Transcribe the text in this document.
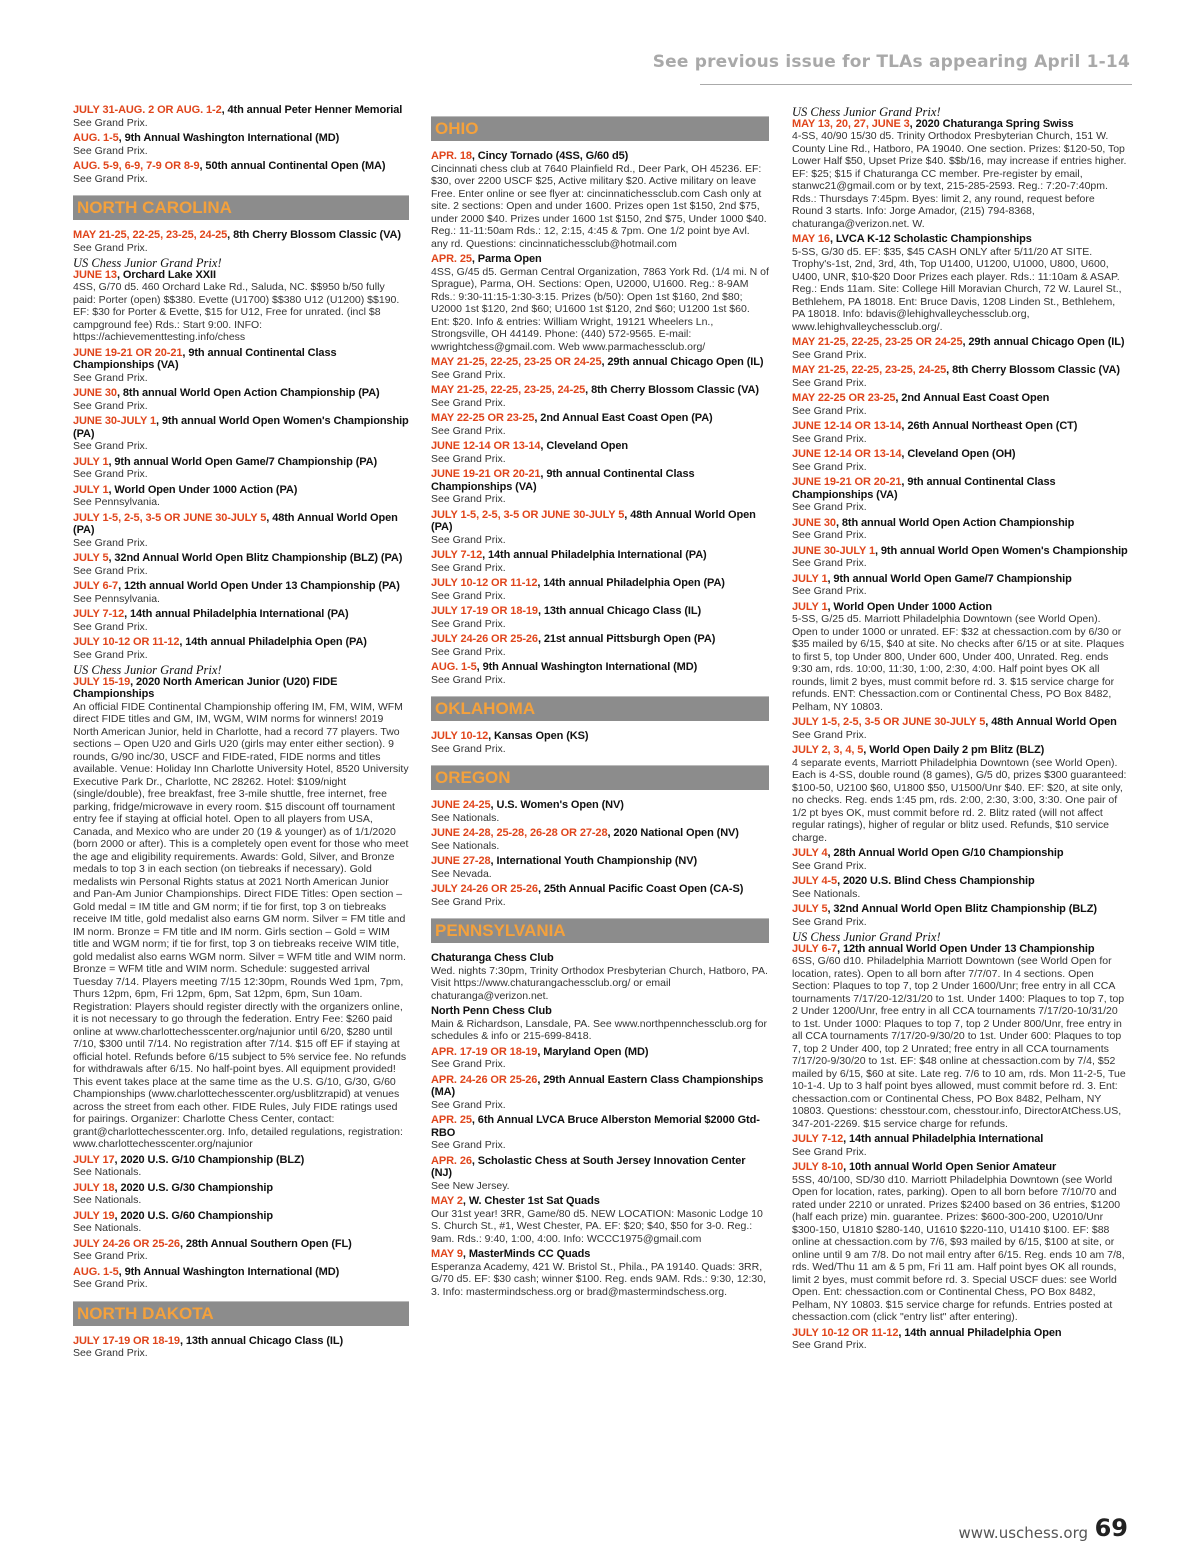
See previous issue for TLAs appearing April 1-14
JULY 31-AUG. 2 OR AUG. 1-2, 4th annual Peter Henner Memorial
See Grand Prix.
AUG. 1-5, 9th Annual Washington International (MD)
See Grand Prix.
AUG. 5-9, 6-9, 7-9 OR 8-9, 50th annual Continental Open (MA)
See Grand Prix.
NORTH CAROLINA
MAY 21-25, 22-25, 23-25, 24-25, 8th Cherry Blossom Classic (VA)
See Grand Prix.
US Chess Junior Grand Prix!
JUNE 13, Orchard Lake XXII
4SS, G/70 d5. 460 Orchard Lake Rd., Saluda, NC. $$950 b/50 fully paid: Porter (open) $$380. Evette (U1700) $$380 U12 (U1200) $$190. EF: $30 for Porter & Evette, $15 for U12, Free for unrated. (incl $8 campground fee) Rds.: Start 9:00. INFO: https://achievementtesting.info/chess
JUNE 19-21 OR 20-21, 9th annual Continental Class Championships (VA)
See Grand Prix.
JUNE 30, 8th annual World Open Action Championship (PA)
See Grand Prix.
JUNE 30-JULY 1, 9th annual World Open Women's Championship (PA)
See Grand Prix.
JULY 1, 9th annual World Open Game/7 Championship (PA)
See Grand Prix.
JULY 1, World Open Under 1000 Action (PA)
See Pennsylvania.
JULY 1-5, 2-5, 3-5 OR JUNE 30-JULY 5, 48th Annual World Open (PA)
See Grand Prix.
JULY 5, 32nd Annual World Open Blitz Championship (BLZ) (PA)
See Grand Prix.
JULY 6-7, 12th annual World Open Under 13 Championship (PA)
See Pennsylvania.
JULY 7-12, 14th annual Philadelphia International (PA)
See Grand Prix.
JULY 10-12 OR 11-12, 14th annual Philadelphia Open (PA)
See Grand Prix.
US Chess Junior Grand Prix!
JULY 15-19, 2020 North American Junior (U20) FIDE Championships
An official FIDE Continental Championship offering IM, FM, WIM, WFM direct FIDE titles and GM, IM, WGM, WIM norms for winners! 2019 North American Junior, held in Charlotte, had a record 77 players. Two sections – Open U20 and Girls U20 (girls may enter either section). 9 rounds, G/90 inc/30, USCF and FIDE-rated, FIDE norms and titles available. Venue: Holiday Inn Charlotte University Hotel, 8520 University Executive Park Dr., Charlotte, NC 28262. Hotel: $109/night (single/double), free breakfast, free 3-mile shuttle, free internet, free parking, fridge/microwave in every room. $15 discount off tournament entry fee if staying at official hotel. Open to all players from USA, Canada, and Mexico who are under 20 (19 & younger) as of 1/1/2020 (born 2000 or after). This is a completely open event for those who meet the age and eligibility requirements. Awards: Gold, Silver, and Bronze medals to top 3 in each section (on tiebreaks if necessary). Gold medalists win Personal Rights status at 2021 North American Junior and Pan-Am Junior Championships. Direct FIDE Titles: Open section – Gold medal = IM title and GM norm; if tie for first, top 3 on tiebreaks receive IM title, gold medalist also earns GM norm. Silver = FM title and IM norm. Bronze = FM title and IM norm. Girls section – Gold = WIM title and WGM norm; if tie for first, top 3 on tiebreaks receive WIM title, gold medalist also earns WGM norm. Silver = WFM title and WIM norm. Bronze = WFM title and WIM norm. Schedule: suggested arrival Tuesday 7/14. Players meeting 7/15 12:30pm, Rounds Wed 1pm, 7pm, Thurs 12pm, 6pm, Fri 12pm, 6pm, Sat 12pm, 6pm, Sun 10am. Registration: Players should register directly with the organizers online, it is not necessary to go through the federation. Entry Fee: $260 paid online at www.charlottechesscenter.org/najunior until 6/20, $280 until 7/10, $300 until 7/14. No registration after 7/14. $15 off EF if staying at official hotel. Refunds before 6/15 subject to 5% service fee. No refunds for withdrawals after 6/15. No half-point byes. All equipment provided! This event takes place at the same time as the U.S. G/10, G/30, G/60 Championships (www.charlottechesscenter.org/usblitzrapid) at venues across the street from each other. FIDE Rules, July FIDE ratings used for pairings. Organizer: Charlotte Chess Center, contact: grant@charlottechesscenter.org. Info, detailed regulations, registration: www.charlottechesscenter.org/najunior
JULY 17, 2020 U.S. G/10 Championship (BLZ)
See Nationals.
JULY 18, 2020 U.S. G/30 Championship
See Nationals.
JULY 19, 2020 U.S. G/60 Championship
See Nationals.
JULY 24-26 OR 25-26, 28th Annual Southern Open (FL)
See Grand Prix.
AUG. 1-5, 9th Annual Washington International (MD)
See Grand Prix.
NORTH DAKOTA
JULY 17-19 OR 18-19, 13th annual Chicago Class (IL)
See Grand Prix.
OHIO
APR. 18, Cincy Tornado (4SS, G/60 d5)
Cincinnati chess club at 7640 Plainfield Rd., Deer Park, OH 45236. EF: $30, over 2200 USCF $25, Active military $20. Active military on leave Free. Enter online or see flyer at: cincinnatichessclub.com Cash only at site. 2 sections: Open and under 1600. Prizes open 1st $150, 2nd $75, under 2000 $40. Prizes under 1600 1st $150, 2nd $75, Under 1000 $40. Reg.: 11-11:50am Rds.: 12, 2:15, 4:45 & 7pm. One 1/2 point bye Avl. any rd. Questions: cincinnatichessclub@hotmail.com
APR. 25, Parma Open
4SS, G/45 d5. German Central Organization, 7863 York Rd. (1/4 mi. N of Sprague), Parma, OH. Sections: Open, U2000, U1600. Reg.: 8-9AM Rds.: 9:30-11:15-1:30-3:15. Prizes (b/50): Open 1st $160, 2nd $80; U2000 1st $120, 2nd $60; U1600 1st $120, 2nd $60; U1200 1st $60. Ent: $20. Info & entries: William Wright, 19121 Wheelers Ln., Strongsville, OH 44149. Phone: (440) 572-9565. E-mail: wwrightchess@gmail.com. Web www.parmachessclub.org/
MAY 21-25, 22-25, 23-25 OR 24-25, 29th annual Chicago Open (IL)
See Grand Prix.
MAY 21-25, 22-25, 23-25, 24-25, 8th Cherry Blossom Classic (VA)
See Grand Prix.
MAY 22-25 OR 23-25, 2nd Annual East Coast Open (PA)
See Grand Prix.
JUNE 12-14 OR 13-14, Cleveland Open
See Grand Prix.
JUNE 19-21 OR 20-21, 9th annual Continental Class Championships (VA)
See Grand Prix.
JULY 1-5, 2-5, 3-5 OR JUNE 30-JULY 5, 48th Annual World Open (PA)
See Grand Prix.
JULY 7-12, 14th annual Philadelphia International (PA)
See Grand Prix.
JULY 10-12 OR 11-12, 14th annual Philadelphia Open (PA)
See Grand Prix.
JULY 17-19 OR 18-19, 13th annual Chicago Class (IL)
See Grand Prix.
JULY 24-26 OR 25-26, 21st annual Pittsburgh Open (PA)
See Grand Prix.
AUG. 1-5, 9th Annual Washington International (MD)
See Grand Prix.
OKLAHOMA
JULY 10-12, Kansas Open (KS)
See Grand Prix.
OREGON
JUNE 24-25, U.S. Women's Open (NV)
See Nationals.
JUNE 24-28, 25-28, 26-28 OR 27-28, 2020 National Open (NV)
See Nationals.
JUNE 27-28, International Youth Championship (NV)
See Nevada.
JULY 24-26 OR 25-26, 25th Annual Pacific Coast Open (CA-S)
See Grand Prix.
PENNSYLVANIA
Chaturanga Chess Club
Wed. nights 7:30pm, Trinity Orthodox Presbyterian Church, Hatboro, PA. Visit https://www.chaturangachessclub.org/ or email chaturanga@verizon.net.
North Penn Chess Club
Main & Richardson, Lansdale, PA. See www.northpennchessclub.org for schedules & info or 215-699-8418.
APR. 17-19 OR 18-19, Maryland Open (MD)
See Grand Prix.
APR. 24-26 OR 25-26, 29th Annual Eastern Class Championships (MA)
See Grand Prix.
APR. 25, 6th Annual LVCA Bruce Alberston Memorial $2000 Gtd-RBO
See Grand Prix.
APR. 26, Scholastic Chess at South Jersey Innovation Center (NJ)
See New Jersey.
MAY 2, W. Chester 1st Sat Quads
Our 31st year! 3RR, Game/80 d5. NEW LOCATION: Masonic Lodge 10 S. Church St., #1, West Chester, PA. EF: $20; $40, $50 for 3-0. Reg.: 9am. Rds.: 9:40, 1:00, 4:00. Info: WCCC1975@gmail.com
MAY 9, MasterMinds CC Quads
Esperanza Academy, 421 W. Bristol St., Phila., PA 19140. Quads: 3RR, G/70 d5. EF: $30 cash; winner $100. Reg. ends 9AM. Rds.: 9:30, 12:30, 3. Info: mastermindschess.org or brad@mastermindschess.org.
US Chess Junior Grand Prix!
MAY 13, 20, 27, JUNE 3, 2020 Chaturanga Spring Swiss
4-SS, 40/90 15/30 d5. Trinity Orthodox Presbyterian Church, 151 W. County Line Rd., Hatboro, PA 19040. One section. Prizes: $120-50, Top Lower Half $50, Upset Prize $40. $$b/16, may increase if entries higher. EF: $25; $15 if Chaturanga CC member. Pre-register by email, stanwc21@gmail.com or by text, 215-285-2593. Reg.: 7:20-7:40pm. Rds.: Thursdays 7:45pm. Byes: limit 2, any round, request before Round 3 starts. Info: Jorge Amador, (215) 794-8368, chaturanga@verizon.net. W.
MAY 16, LVCA K-12 Scholastic Championships
5-SS, G/30 d5. EF: $35, $45 CASH ONLY after 5/11/20 AT SITE. Trophy's-1st, 2nd, 3rd, 4th, Top U1400, U1200, U1000, U800, U600, U400, UNR, $10-$20 Door Prizes each player. Rds.: 11:10am & ASAP. Reg.: Ends 11am. Site: College Hill Moravian Church, 72 W. Laurel St., Bethlehem, PA 18018. Ent: Bruce Davis, 1208 Linden St., Bethlehem, PA 18018. Info: bdavis@lehighvalleychessclub.org, www.lehighvalleychessclub.org/.
MAY 21-25, 22-25, 23-25 OR 24-25, 29th annual Chicago Open (IL)
See Grand Prix.
MAY 21-25, 22-25, 23-25, 24-25, 8th Cherry Blossom Classic (VA)
See Grand Prix.
MAY 22-25 OR 23-25, 2nd Annual East Coast Open
See Grand Prix.
JUNE 12-14 OR 13-14, 26th Annual Northeast Open (CT)
See Grand Prix.
JUNE 12-14 OR 13-14, Cleveland Open (OH)
See Grand Prix.
JUNE 19-21 OR 20-21, 9th annual Continental Class Championships (VA)
See Grand Prix.
JUNE 30, 8th annual World Open Action Championship
See Grand Prix.
JUNE 30-JULY 1, 9th annual World Open Women's Championship
See Grand Prix.
JULY 1, 9th annual World Open Game/7 Championship
See Grand Prix.
JULY 1, World Open Under 1000 Action
5-SS, G/25 d5. Marriott Philadelphia Downtown (see World Open). Open to under 1000 or unrated. EF: $32 at chessaction.com by 6/30 or $35 mailed by 6/15, $40 at site. No checks after 6/15 or at site. Plaques to first 5, top Under 800, Under 600, Under 400, Unrated. Reg. ends 9:30 am, rds. 10:00, 11:30, 1:00, 2:30, 4:00. Half point byes OK all rounds, limit 2 byes, must commit before rd. 3. $15 service charge for refunds. ENT: Chessaction.com or Continental Chess, PO Box 8482, Pelham, NY 10803.
JULY 1-5, 2-5, 3-5 OR JUNE 30-JULY 5, 48th Annual World Open
See Grand Prix.
JULY 2, 3, 4, 5, World Open Daily 2 pm Blitz (BLZ)
4 separate events, Marriott Philadelphia Downtown (see World Open). Each is 4-SS, double round (8 games), G/5 d0, prizes $300 guaranteed: $100-50, U2100 $60, U1800 $50, U1500/Unr $40. EF: $20, at site only, no checks. Reg. ends 1:45 pm, rds. 2:00, 2:30, 3:00, 3:30. One pair of 1/2 pt byes OK, must commit before rd. 2. Blitz rated (will not affect regular ratings), higher of regular or blitz used. Refunds, $10 service charge.
JULY 4, 28th Annual World Open G/10 Championship
See Grand Prix.
JULY 4-5, 2020 U.S. Blind Chess Championship
See Nationals.
JULY 5, 32nd Annual World Open Blitz Championship (BLZ)
See Grand Prix.
US Chess Junior Grand Prix!
JULY 6-7, 12th annual World Open Under 13 Championship
6SS, G/60 d10. Philadelphia Marriott Downtown (see World Open for location, rates). Open to all born after 7/7/07. In 4 sections. Open Section: Plaques to top 7, top 2 Under 1600/Unr; free entry in all CCA tournaments 7/17/20-12/31/20 to 1st. Under 1400: Plaques to top 7, top 2 Under 1200/Unr, free entry in all CCA tournaments 7/17/20-10/31/20 to 1st. Under 1000: Plaques to top 7, top 2 Under 800/Unr, free entry in all CCA tournaments 7/17/20-9/30/20 to 1st. Under 600: Plaques to top 7, top 2 Under 400, top 2 Unrated; free entry in all CCA tournaments 7/17/20-9/30/20 to 1st. EF: $48 online at chessaction.com by 7/4, $52 mailed by 6/15, $60 at site. Late reg. 7/6 to 10 am, rds. Mon 11-2-5, Tue 10-1-4. Up to 3 half point byes allowed, must commit before rd. 3. Ent: chessaction.com or Continental Chess, PO Box 8482, Pelham, NY 10803. Questions: chesstour.com, chesstour.info, DirectorAtChess.US, 347-201-2269. $15 service charge for refunds.
JULY 7-12, 14th annual Philadelphia International
See Grand Prix.
JULY 8-10, 10th annual World Open Senior Amateur
5SS, 40/100, SD/30 d10. Marriott Philadelphia Downtown (see World Open for location, rates, parking). Open to all born before 7/10/70 and rated under 2210 or unrated. Prizes $2400 based on 36 entries, $1200 (half each prize) min. guarantee. Prizes: $600-300-200, U2010/Unr $300-150, U1810 $280-140, U1610 $220-110, U1410 $100. EF: $88 online at chessaction.com by 7/6, $93 mailed by 6/15, $100 at site, or online until 9 am 7/8. Do not mail entry after 6/15. Reg. ends 10 am 7/8, rds. Wed/Thu 11 am & 5 pm, Fri 11 am. Half point byes OK all rounds, limit 2 byes, must commit before rd. 3. Special USCF dues: see World Open. Ent: chessaction.com or Continental Chess, PO Box 8482, Pelham, NY 10803. $15 service charge for refunds. Entries posted at chessaction.com (click "entry list" after entering).
JULY 10-12 OR 11-12, 14th annual Philadelphia Open
See Grand Prix.
www.uschess.org 69
